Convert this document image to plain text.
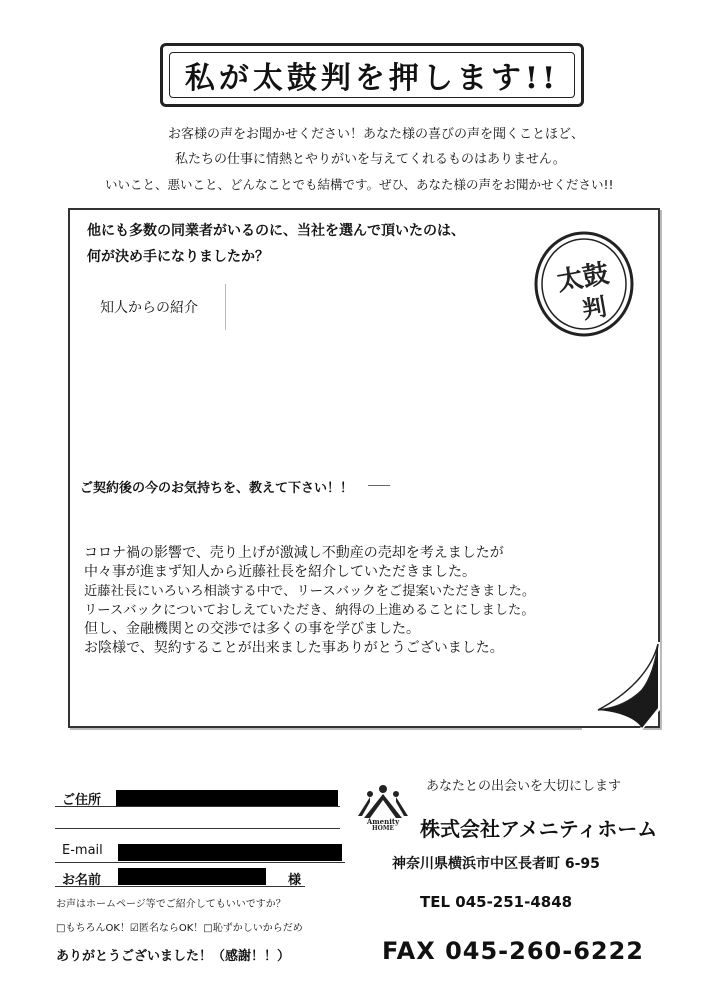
私が太鼓判を押します!!
お客様の声をお聞かせください！あなた様の喜びの声を聞くことほど、
私たちの仕事に情熱とやりがいを与えてくれるものはありません。
いいこと、悪いこと、どんなことでも結構です。ぜひ、あなた様の声をお聞かせください!!
他にも多数の同業者がいるのに、当社を選んで頂いたのは、
何が決め手になりましたか？
知人からの紹介
太鼓
判
ご契約後の今のお気持ちを、教えて下さい！！
コロナ禍の影響で、売り上げが激減し不動産の売却を考えましたが
中々事が進まず知人から近藤社長を紹介していただきました。
近藤社長にいろいろ相談する中で、リースバックをご提案いただきました。
リースバックについておしえていただき、納得の上進めることにしました。
但し、金融機関との交渉では多くの事を学びました。
お陰様で、契約することが出来ました事ありがとうございました。
ご住所
E-mail
お名前	様
お声はホームページ等でご紹介してもいいですか？
□もちろんOK！☑匿名ならOK！□恥ずかしいからだめ
ありがとうございました！（感謝！！）
Amenity
HOME
あなたとの出会いを大切にします
株式会社アメニティホーム
神奈川県横浜市中区長者町 6-95
TEL 045-251-4848
FAX 045-260-6222
